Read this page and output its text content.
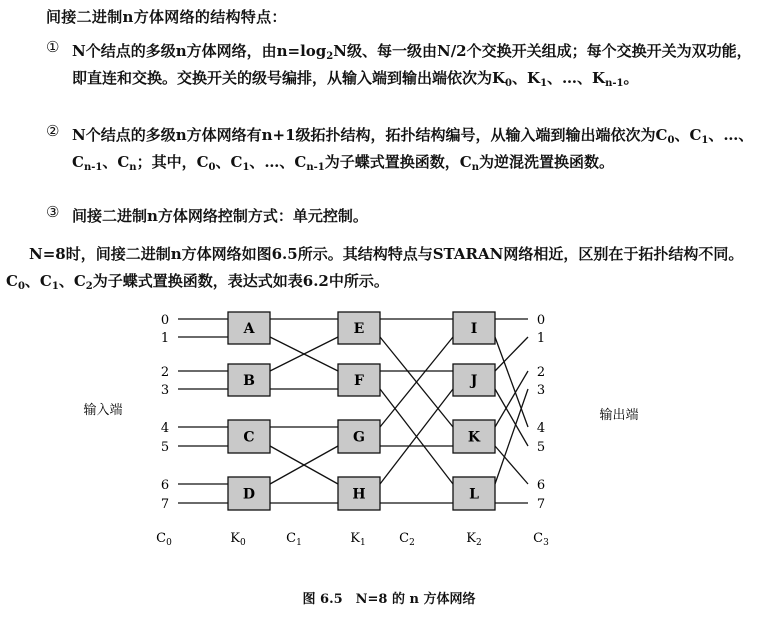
间接二进制n方体网络的结构特点：
① N个结点的多级n方体网络，由$n=\log_2N$级、每一级由N/2个交换开关组成；每个交换开关为双功能，即直连和交换。交换开关的级号编排，从输入端到输出端依次为$K_0$、$K_1$、…、$K_{n-1}$。
② N个结点的多级n方体网络有n+1级拓扑结构，拓扑结构编号，从输入端到输出端依次为$C_0$、$C_1$、…、$C_{n-1}$、$C_n$；其中，$C_0$、$C_1$、…、$C_{n-1}$为子蝶式置换函数，$C_n$为逆混洗置换函数。
③ 间接二进制n方体网络控制方式：单元控制。
N=8时，间接二进制n方体网络如图6.5所示。其结构特点与STARAN网络相近，区别在于拓扑结构不同。$C_0$、$C_1$、$C_2$为子蝶式置换函数，表达式如表6.2中所示。
A
B
C
D
E
F
G
H
I
J
K
L
0
1
2
3
4
5
6
7
0
1
2
3
4
5
6
7
输入端	输出端
$C_0$	$K_0$	$C_1$	$K_1$	$C_2$	$K_2$	$C_3$
图 6.5　N=8 的 n 方体网络
